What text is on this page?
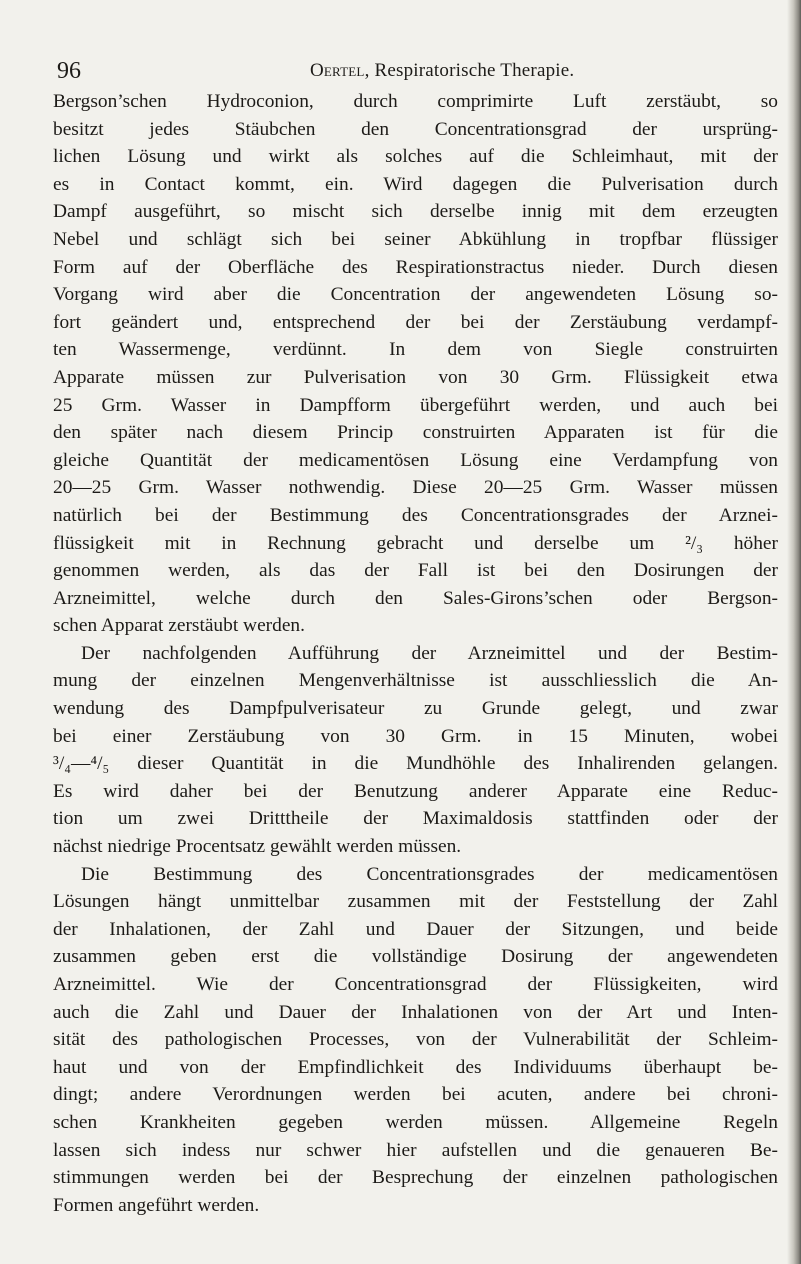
96	Oertel, Respiratorische Therapie.
Bergson’schen Hydroconion, durch comprimirte Luft zerstäubt, so
besitzt jedes Stäubchen den Concentrationsgrad der ursprüng-
lichen Lösung und wirkt als solches auf die Schleimhaut, mit der
es in Contact kommt, ein. Wird dagegen die Pulverisation durch
Dampf ausgeführt, so mischt sich derselbe innig mit dem erzeugten
Nebel und schlägt sich bei seiner Abkühlung in tropfbar flüssiger
Form auf der Oberfläche des Respirationstractus nieder. Durch diesen
Vorgang wird aber die Concentration der angewendeten Lösung so-
fort geändert und, entsprechend der bei der Zerstäubung verdampf-
ten Wassermenge, verdünnt. In dem von Siegle construirten
Apparate müssen zur Pulverisation von 30 Grm. Flüssigkeit etwa
25 Grm. Wasser in Dampfform übergeführt werden, und auch bei
den später nach diesem Princip construirten Apparaten ist für die
gleiche Quantität der medicamentösen Lösung eine Verdampfung von
20—25 Grm. Wasser nothwendig. Diese 20—25 Grm. Wasser müssen
natürlich bei der Bestimmung des Concentrationsgrades der Arznei-
flüssigkeit mit in Rechnung gebracht und derselbe um ²/₃ höher
genommen werden, als das der Fall ist bei den Dosirungen der
Arzneimittel, welche durch den Sales-Girons’schen oder Bergson-
schen Apparat zerstäubt werden.
Der nachfolgenden Aufführung der Arzneimittel und der Bestim-
mung der einzelnen Mengenverhältnisse ist ausschliesslich die An-
wendung des Dampfpulverisateur zu Grunde gelegt, und zwar
bei einer Zerstäubung von 30 Grm. in 15 Minuten, wobei
³/₄—⁴/₅ dieser Quantität in die Mundhöhle des Inhalirenden gelangen.
Es wird daher bei der Benutzung anderer Apparate eine Reduc-
tion um zwei Dritttheile der Maximaldosis stattfinden oder der
nächst niedrige Procentsatz gewählt werden müssen.
Die Bestimmung des Concentrationsgrades der medicamentösen
Lösungen hängt unmittelbar zusammen mit der Feststellung der Zahl
der Inhalationen, der Zahl und Dauer der Sitzungen, und beide
zusammen geben erst die vollständige Dosirung der angewendeten
Arzneimittel. Wie der Concentrationsgrad der Flüssigkeiten, wird
auch die Zahl und Dauer der Inhalationen von der Art und Inten-
sität des pathologischen Processes, von der Vulnerabilität der Schleim-
haut und von der Empfindlichkeit des Individuums überhaupt be-
dingt; andere Verordnungen werden bei acuten, andere bei chroni-
schen Krankheiten gegeben werden müssen. Allgemeine Regeln
lassen sich indess nur schwer hier aufstellen und die genaueren Be-
stimmungen werden bei der Besprechung der einzelnen pathologischen
Formen angeführt werden.
